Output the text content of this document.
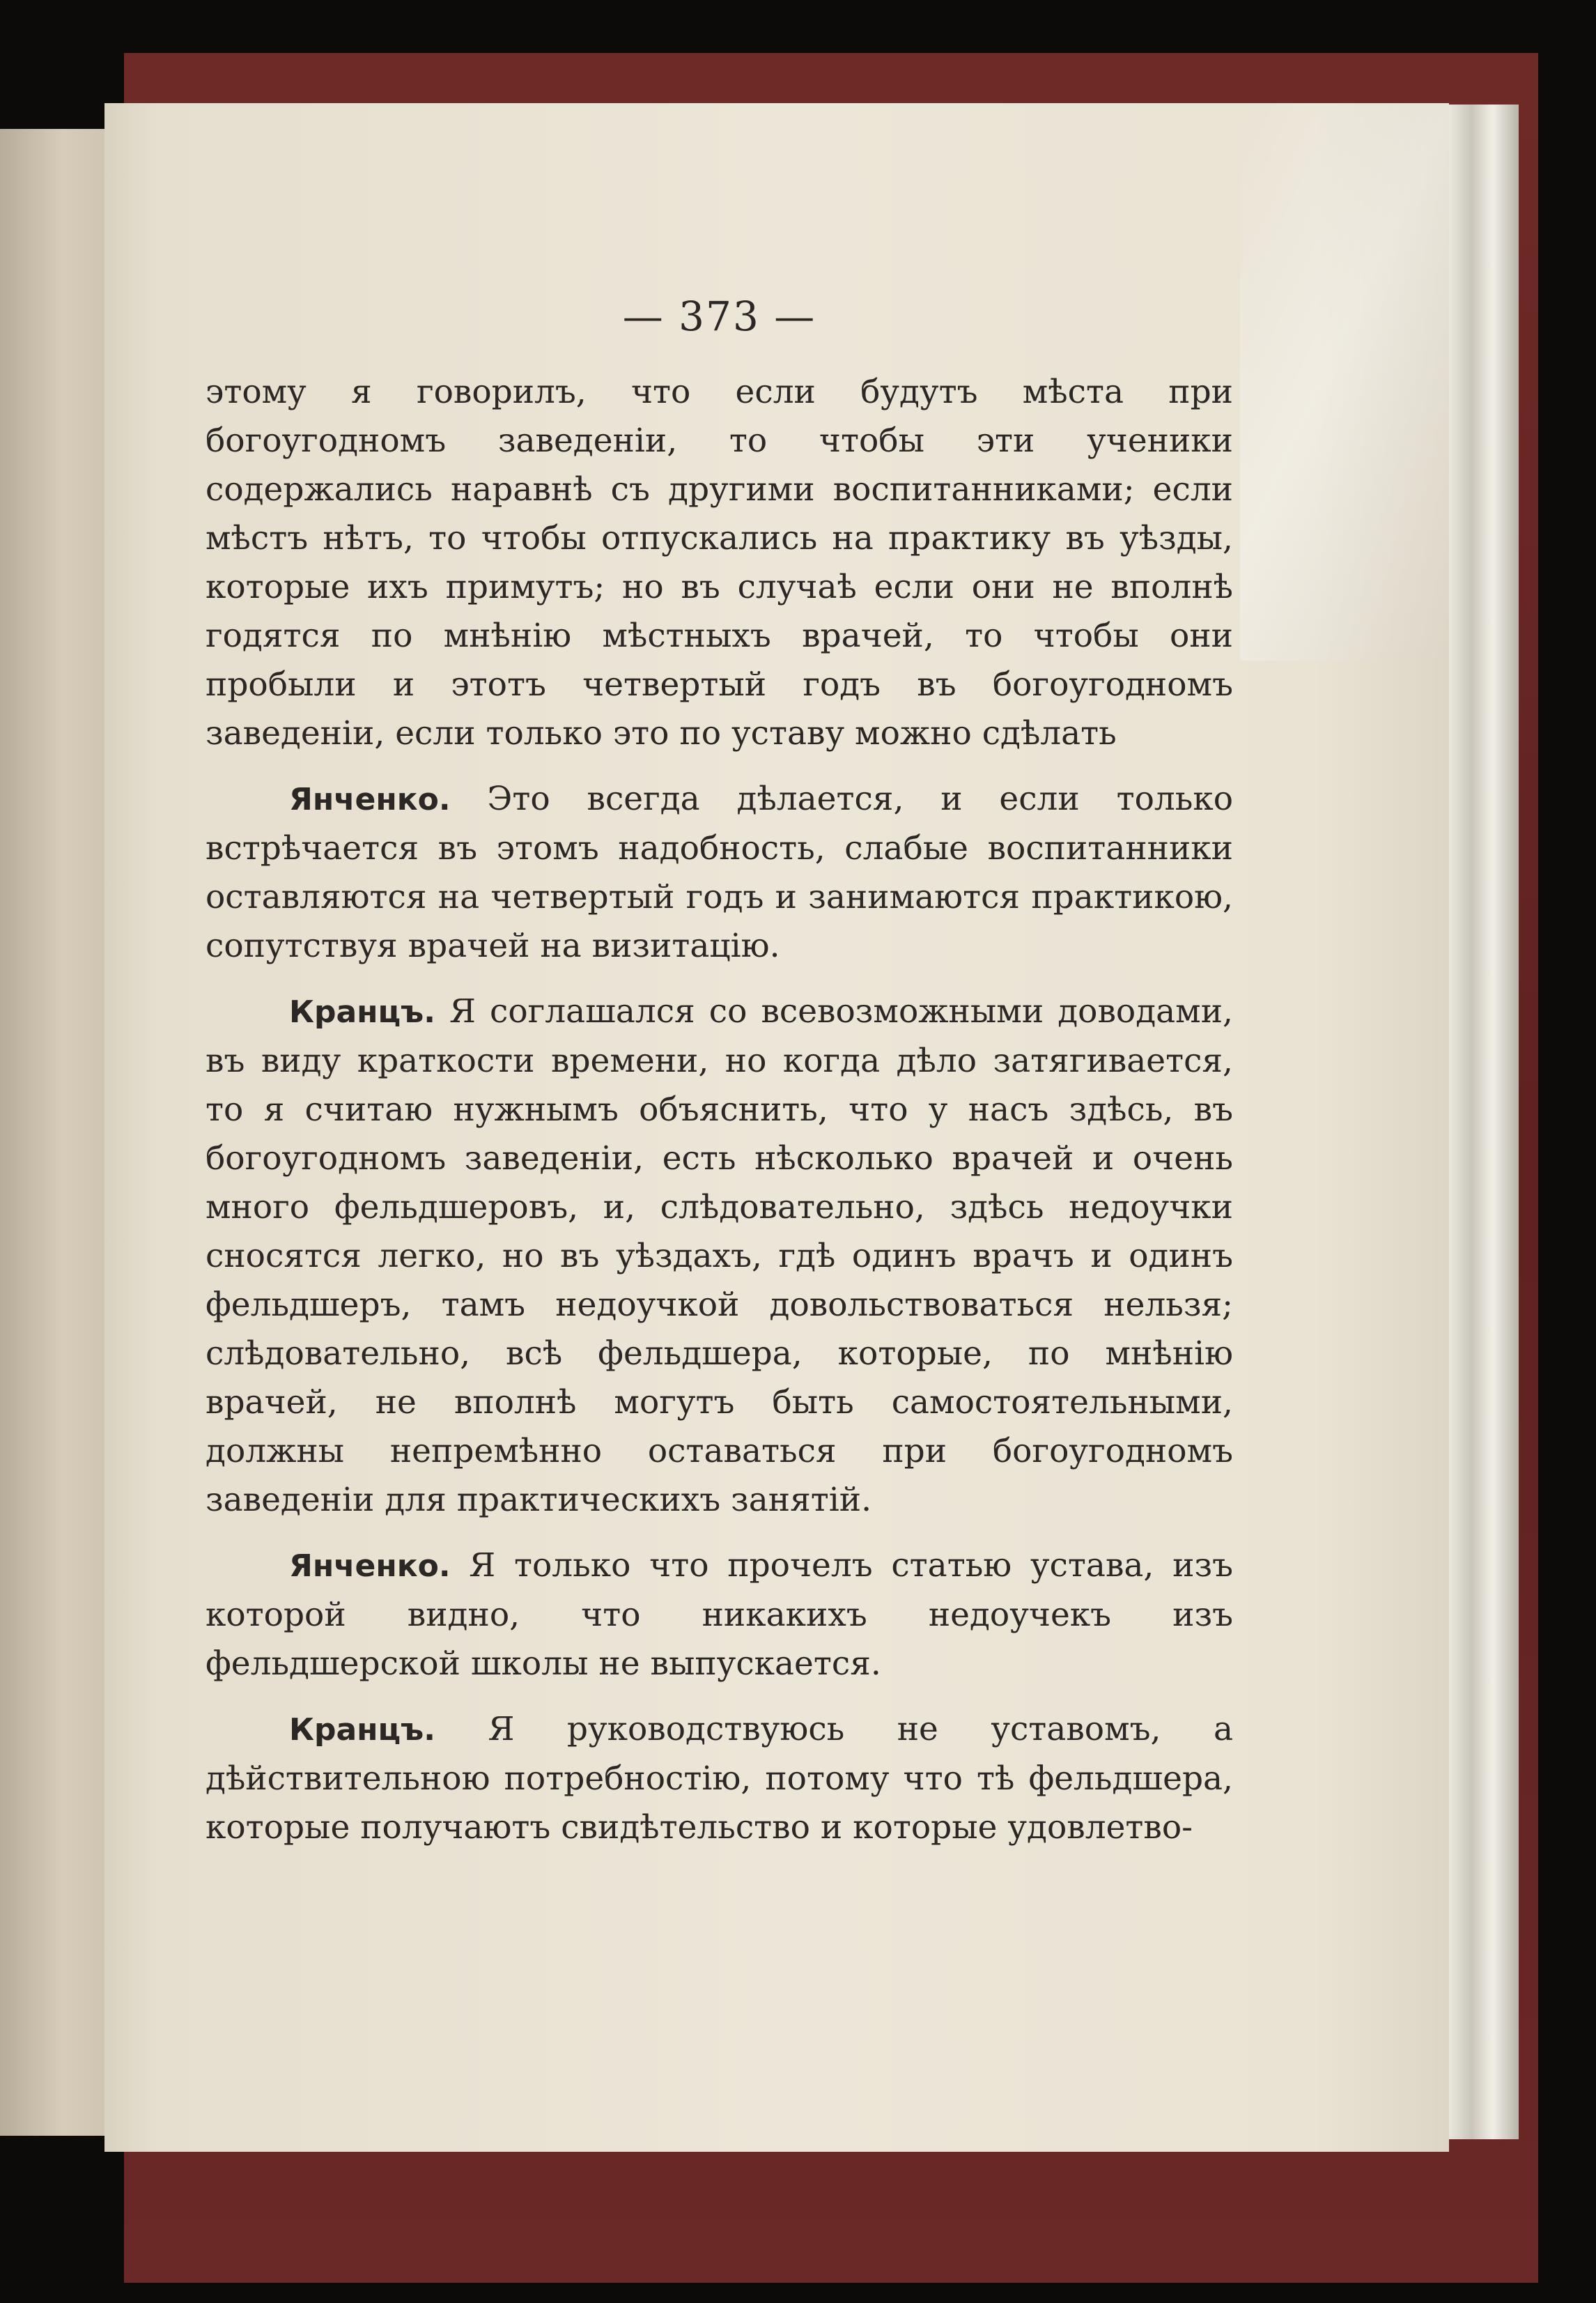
— 373 —

этому я говорилъ, что если будутъ мѣста при богоугодномъ заведенiи, то чтобы эти ученики содержались наравнѣ съ другими воспитанниками; если мѣстъ нѣтъ, то чтобы отпускались на практику въ уѣзды, которые ихъ примутъ; но въ случаѣ если они не вполнѣ годятся по мнѣнiю мѣстныхъ врачей, то чтобы они пробыли и этотъ четвертый годъ въ богоугодномъ заведенiи, если только это по уставу можно сдѣлать

Янченко. Это всегда дѣлается, и если только встрѣчается въ этомъ надобность, слабые воспитанники оставляются на четвертый годъ и занимаются практикою, сопутствуя врачей на визитацiю.

Кранцъ. Я соглашался со всевозможными доводами, въ виду краткости времени, но когда дѣло затягивается, то я считаю нужнымъ объяснить, что у насъ здѣсь, въ богоугодномъ заведенiи, есть нѣсколько врачей и очень много фельдшеровъ, и, слѣдовательно, здѣсь недоучки сносятся легко, но въ уѣздахъ, гдѣ одинъ врачъ и одинъ фельдшеръ, тамъ недоучкой довольствоваться нельзя; слѣдовательно, всѣ фельдшера, которые, по мнѣнiю врачей, не вполнѣ могутъ быть самостоятельными, должны непремѣнно оставаться при богоугодномъ заведенiи для практическихъ занятiй.

Янченко. Я только что прочелъ статью устава, изъ которой видно, что никакихъ недоучекъ изъ фельдшерской школы не выпускается.

Кранцъ. Я руководствуюсь не уставомъ, а дѣйствительною потребностiю, потому что тѣ фельдшера, которые получаютъ свидѣтельство и которые удовлетво-
